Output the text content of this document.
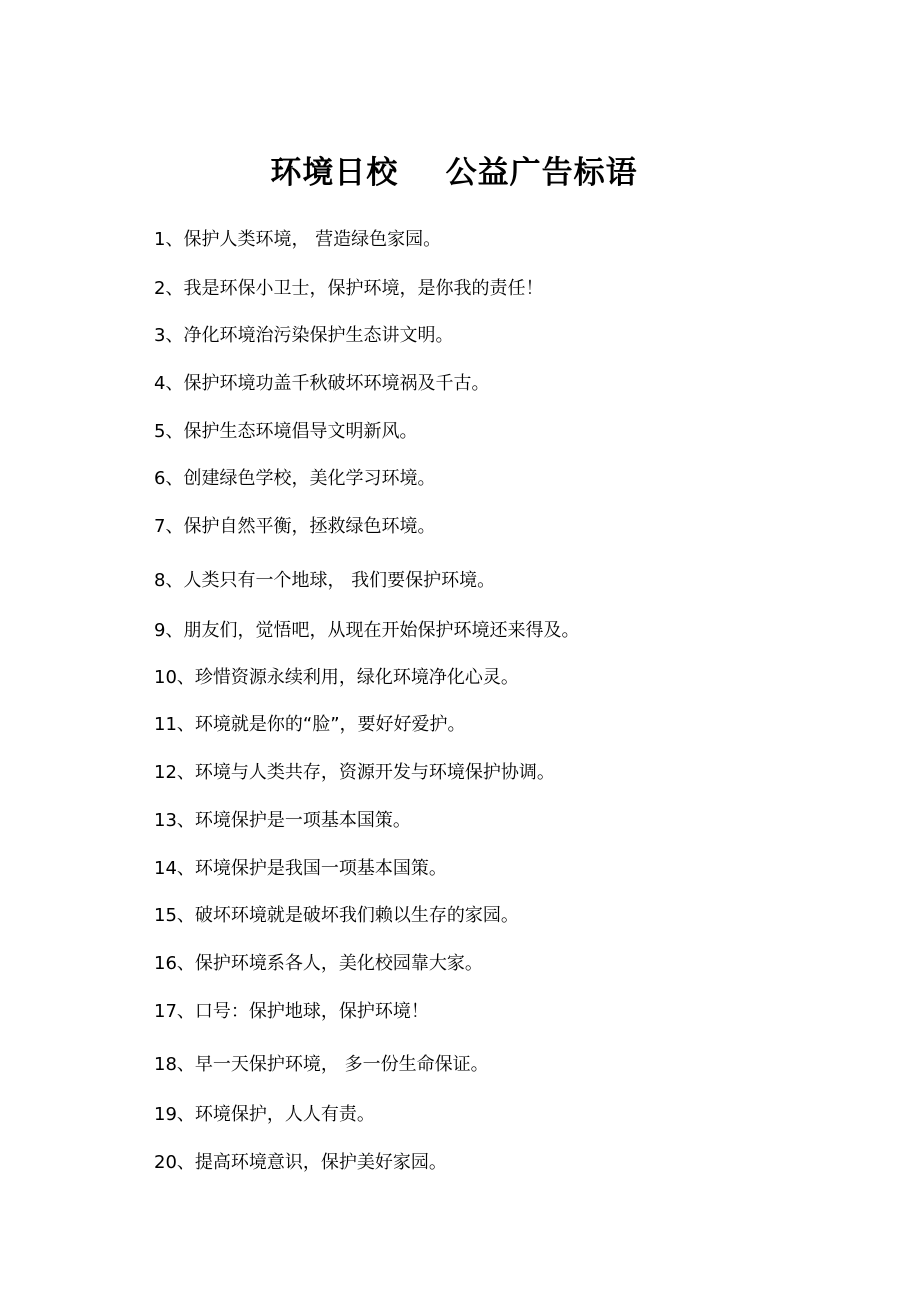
环境日校    公益广告标语
1、保护人类环境， 营造绿色家园。
2、我是环保小卫士，保护环境，是你我的责任！
3、净化环境治污染保护生态讲文明。
4、保护环境功盖千秋破坏环境祸及千古。
5、保护生态环境倡导文明新风。
6、创建绿色学校，美化学习环境。
7、保护自然平衡，拯救绿色环境。
8、人类只有一个地球， 我们要保护环境。
9、朋友们，觉悟吧，从现在开始保护环境还来得及。
10、珍惜资源永续利用，绿化环境净化心灵。
11、环境就是你的“脸”，要好好爱护。
12、环境与人类共存，资源开发与环境保护协调。
13、环境保护是一项基本国策。
14、环境保护是我国一项基本国策。
15、破坏环境就是破坏我们赖以生存的家园。
16、保护环境系各人，美化校园靠大家。
17、口号：保护地球，保护环境！
18、早一天保护环境， 多一份生命保证。
19、环境保护，人人有责。
20、提高环境意识，保护美好家园。
